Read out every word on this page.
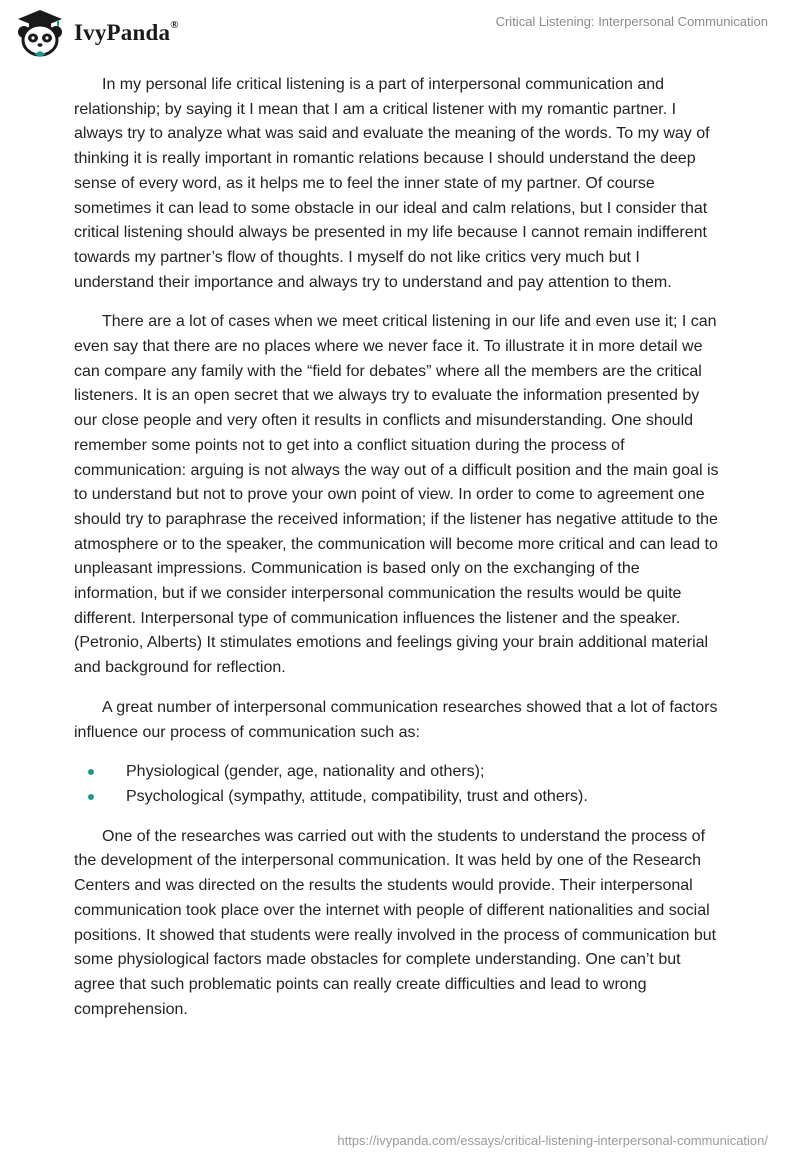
IvyPanda®	Critical Listening: Interpersonal Communication

In my personal life critical listening is a part of interpersonal communication and relationship; by saying it I mean that I am a critical listener with my romantic partner. I always try to analyze what was said and evaluate the meaning of the words. To my way of thinking it is really important in romantic relations because I should understand the deep sense of every word, as it helps me to feel the inner state of my partner. Of course sometimes it can lead to some obstacle in our ideal and calm relations, but I consider that critical listening should always be presented in my life because I cannot remain indifferent towards my partner’s flow of thoughts. I myself do not like critics very much but I understand their importance and always try to understand and pay attention to them.

There are a lot of cases when we meet critical listening in our life and even use it; I can even say that there are no places where we never face it. To illustrate it in more detail we can compare any family with the “field for debates” where all the members are the critical listeners. It is an open secret that we always try to evaluate the information presented by our close people and very often it results in conflicts and misunderstanding. One should remember some points not to get into a conflict situation during the process of communication: arguing is not always the way out of a difficult position and the main goal is to understand but not to prove your own point of view. In order to come to agreement one should try to paraphrase the received information; if the listener has negative attitude to the atmosphere or to the speaker, the communication will become more critical and can lead to unpleasant impressions. Communication is based only on the exchanging of the information, but if we consider interpersonal communication the results would be quite different. Interpersonal type of communication influences the listener and the speaker. (Petronio, Alberts) It stimulates emotions and feelings giving your brain additional material and background for reflection.

A great number of interpersonal communication researches showed that a lot of factors influence our process of communication such as:

Physiological (gender, age, nationality and others);
Psychological (sympathy, attitude, compatibility, trust and others).

One of the researches was carried out with the students to understand the process of the development of the interpersonal communication. It was held by one of the Research Centers and was directed on the results the students would provide. Their interpersonal communication took place over the internet with people of different nationalities and social positions. It showed that students were really involved in the process of communication but some physiological factors made obstacles for complete understanding. One can’t but agree that such problematic points can really create difficulties and lead to wrong comprehension.

https://ivypanda.com/essays/critical-listening-interpersonal-communication/
